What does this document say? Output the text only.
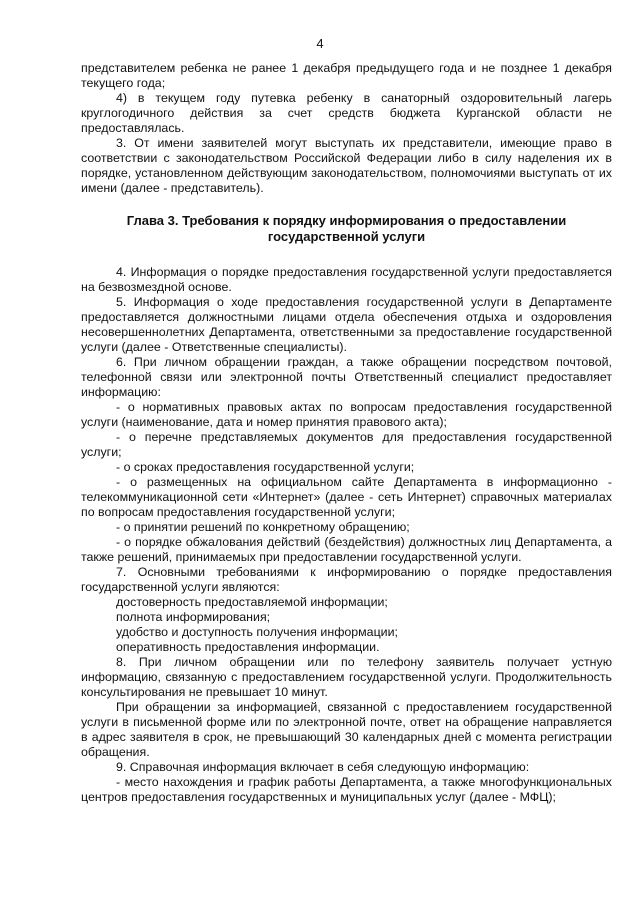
4

представителем ребенка не ранее 1 декабря предыдущего года и не позднее 1 декабря текущего года;

4) в текущем году путевка ребенку в санаторный оздоровительный лагерь круглогодичного действия за счет средств бюджета Курганской области не предоставлялась.

3. От имени заявителей могут выступать их представители, имеющие право в соответствии с законодательством Российской Федерации либо в силу наделения их в порядке, установленном действующим законодательством, полномочиями выступать от их имени (далее - представитель).

Глава 3. Требования к порядку информирования о предоставлении государственной услуги

4. Информация о порядке предоставления государственной услуги предоставляется на безвозмездной основе.

5. Информация о ходе предоставления государственной услуги в Департаменте предоставляется должностными лицами отдела обеспечения отдыха и оздоровления несовершеннолетних Департамента, ответственными за предоставление государственной услуги (далее - Ответственные специалисты).

6. При личном обращении граждан, а также обращении посредством почтовой, телефонной связи или электронной почты Ответственный специалист предоставляет информацию:

- о нормативных правовых актах по вопросам предоставления государственной услуги (наименование, дата и номер принятия правового акта);

- о перечне представляемых документов для предоставления государственной услуги;

- о сроках предоставления государственной услуги;

- о размещенных на официальном сайте Департамента в информационно - телекоммуникационной сети «Интернет» (далее - сеть Интернет) справочных материалах по вопросам предоставления государственной услуги;

- о принятии решений по конкретному обращению;

- о порядке обжалования действий (бездействия) должностных лиц Департамента, а также решений, принимаемых при предоставлении государственной услуги.

7. Основными требованиями к информированию о порядке предоставления государственной услуги являются:

достоверность предоставляемой информации;

полнота информирования;

удобство и доступность получения информации;

оперативность предоставления информации.

8. При личном обращении или по телефону заявитель получает устную информацию, связанную с предоставлением государственной услуги. Продолжительность консультирования не превышает 10 минут.

При обращении за информацией, связанной с предоставлением государственной услуги в письменной форме или по электронной почте, ответ на обращение направляется в адрес заявителя в срок, не превышающий 30 календарных дней с момента регистрации обращения.

9. Справочная информация включает в себя следующую информацию:

- место нахождения и график работы Департамента, а также многофункциональных центров предоставления государственных и муниципальных услуг (далее - МФЦ);
